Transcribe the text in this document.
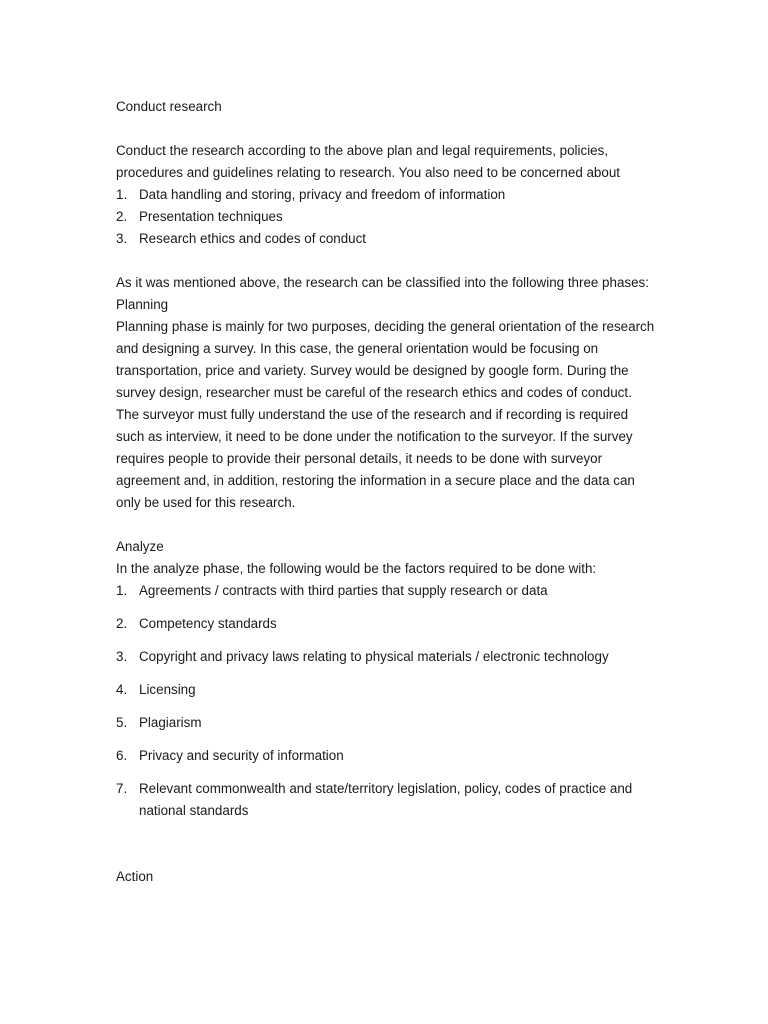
Conduct research

Conduct the research according to the above plan and legal requirements, policies, procedures and guidelines relating to research. You also need to be concerned about

1. Data handling and storing, privacy and freedom of information
2. Presentation techniques
3. Research ethics and codes of conduct

As it was mentioned above, the research can be classified into the following three phases:

Planning

Planning phase is mainly for two purposes, deciding the general orientation of the research and designing a survey. In this case, the general orientation would be focusing on transportation, price and variety. Survey would be designed by google form. During the survey design, researcher must be careful of the research ethics and codes of conduct. The surveyor must fully understand the use of the research and if recording is required such as interview, it need to be done under the notification to the surveyor. If the survey requires people to provide their personal details, it needs to be done with surveyor agreement and, in addition, restoring the information in a secure place and the data can only be used for this research.

Analyze

In the analyze phase, the following would be the factors required to be done with:

1. Agreements / contracts with third parties that supply research or data
2. Competency standards
3. Copyright and privacy laws relating to physical materials / electronic technology
4. Licensing
5. Plagiarism
6. Privacy and security of information
7. Relevant commonwealth and state/territory legislation, policy, codes of practice and national standards

Action
